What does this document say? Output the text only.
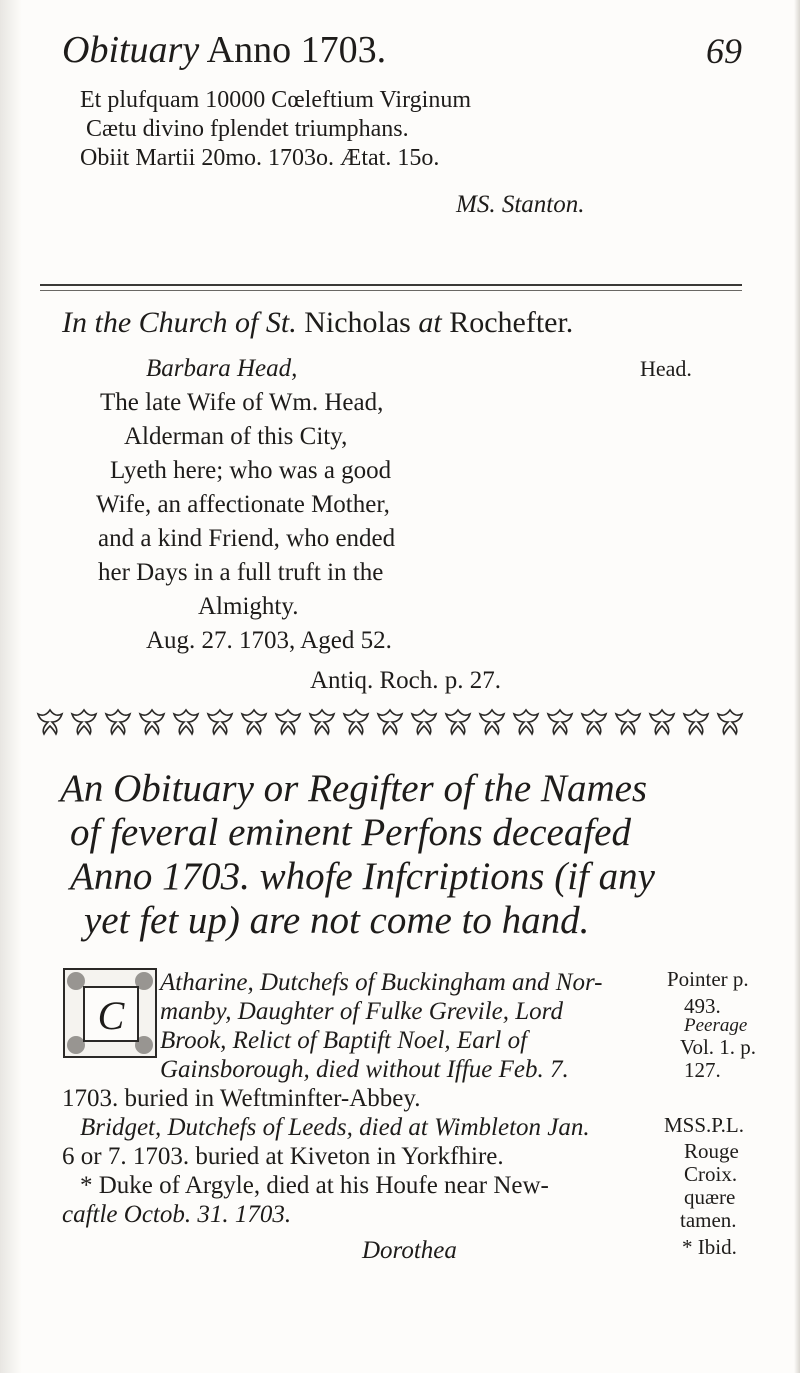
Obituary Anno 1703.	69
Et plufquam 10000 Cœleftium Virginum
Cætu divino fplendet triumphans.
Obiit Martii 20mo. 1703o. Ætat. 15o.
MS. Stanton.
In the Church of St. Nicholas at Rochefter.
Barbara Head,
The late Wife of Wm. Head,
Alderman of this City,
Lyeth here; who was a good
Wife, an affectionate Mother,
and a kind Friend, who ended
her Days in a full truft in the
Almighty.
Aug. 27. 1703, Aged 52.
Head.
Antiq. Roch. p. 27.
An Obituary or Regifter of the Names
of feveral eminent Perfons deceafed
Anno 1703. whofe Infcriptions (if any
yet fet up) are not come to hand.
C
Atharine, Dutchefs of Buckingham and Nor-
manby, Daughter of Fulke Grevile, Lord
Brook, Relict of Baptift Noel, Earl of
Gainsborough, died without Iffue Feb. 7.
1703. buried in Weftminfter-Abbey.
Bridget, Dutchefs of Leeds, died at Wimbleton Jan.
6 or 7. 1703. buried at Kiveton in Yorkfhire.
* Duke of Argyle, died at his Houfe near New-
caftle Octob. 31. 1703.
Dorothea
Pointer p.
493.
Peerage
Vol. 1. p.
127.
MSS.P.L.
Rouge
Croix.
quære
tamen.
* Ibid.
